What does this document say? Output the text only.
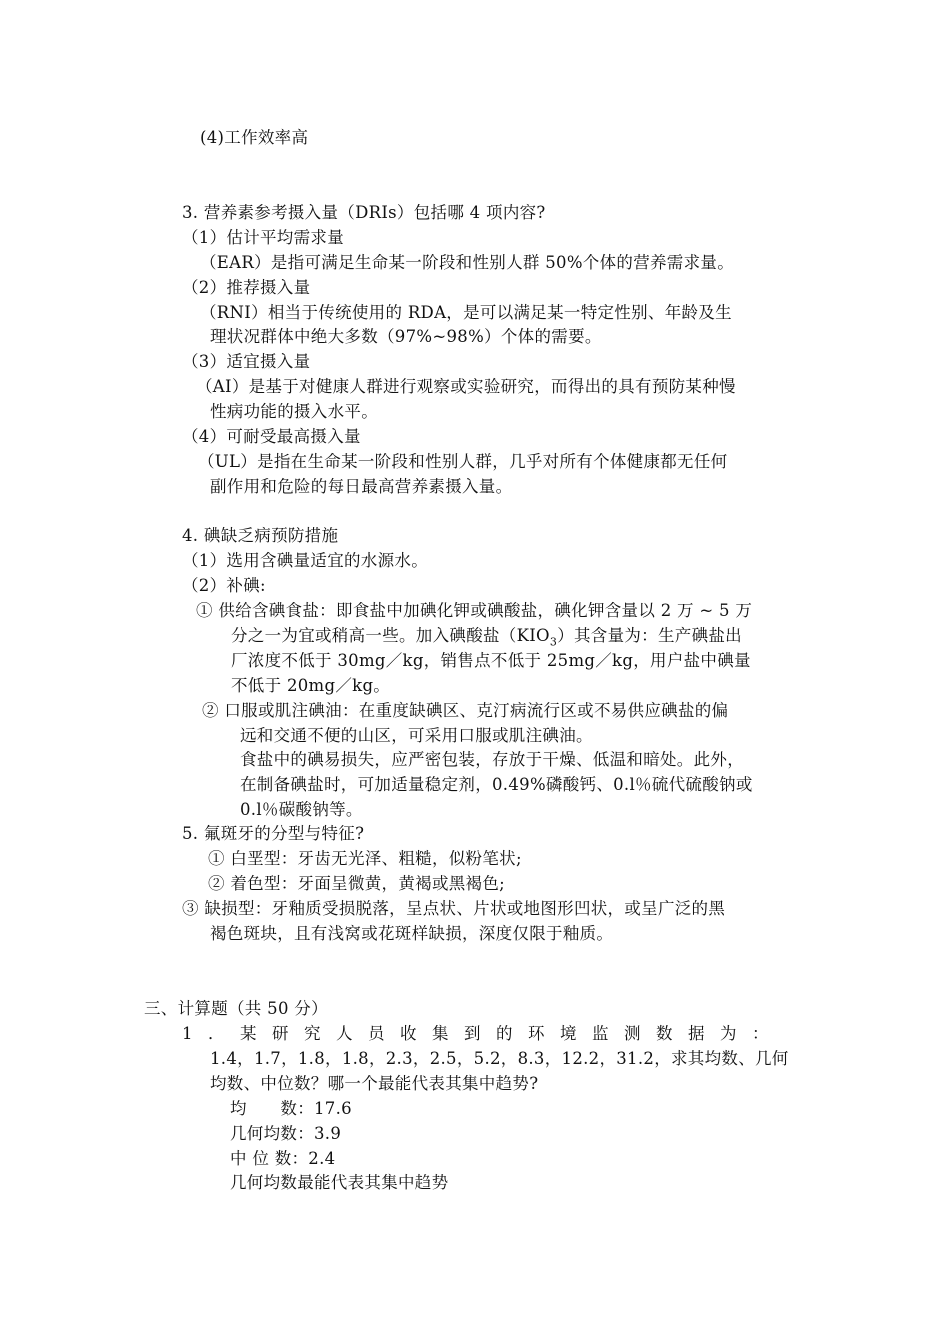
(4)工作效率高
3. 营养素参考摄入量（DRIs）包括哪 4 项内容?
（1）估计平均需求量
（EAR）是指可满足生命某一阶段和性别人群 50%个体的营养需求量。
（2）推荐摄入量
（RNI）相当于传统使用的 RDA，是可以满足某一特定性别、年龄及生
理状况群体中绝大多数（97%~98%）个体的需要。
（3）适宜摄入量
（AI）是基于对健康人群进行观察或实验研究，而得出的具有预防某种慢
性病功能的摄入水平。
（4）可耐受最高摄入量
（UL）是指在生命某一阶段和性别人群，几乎对所有个体健康都无任何
副作用和危险的每日最高营养素摄入量。
4. 碘缺乏病预防措施
（1）选用含碘量适宜的水源水。
（2）补碘:
① 供给含碘食盐：即食盐中加碘化钾或碘酸盐，碘化钾含量以 2 万 ~ 5 万
分之一为宜或稍高一些。加入碘酸盐$(KIO_3)$其含量为：生产碘盐出
厂浓度不低于 30mg／kg，销售点不低于 25mg／kg，用户盐中碘量
不低于 20mg／kg。
② 口服或肌注碘油：在重度缺碘区、克汀病流行区或不易供应碘盐的偏
远和交通不便的山区，可采用口服或肌注碘油。
食盐中的碘易损失，应严密包装，存放于干燥、低温和暗处。此外，
在制备碘盐时，可加适量稳定剂，0.49%磷酸钙、0.l％硫代硫酸钠或
0.l％碳酸钠等。
5. 氟斑牙的分型与特征?
① 白垩型：牙齿无光泽、粗糙，似粉笔状;
② 着色型：牙面呈微黄，黄褐或黑褐色;
③ 缺损型：牙釉质受损脱落，呈点状、片状或地图形凹状，或呈广泛的黑
褐色斑块，且有浅窝或花斑样缺损，深度仅限于釉质。
三、计算题（共 50 分）
1．某研究人员收集到的环境监测数据为：
1.4，1.7，1.8，1.8，2.3，2.5，5.2，8.3，12.2，31.2，求其均数、几何
均数、中位数？哪一个最能代表其集中趋势?
均　　数：17.6
几何均数：3.9
中 位 数：2.4
几何均数最能代表其集中趋势
